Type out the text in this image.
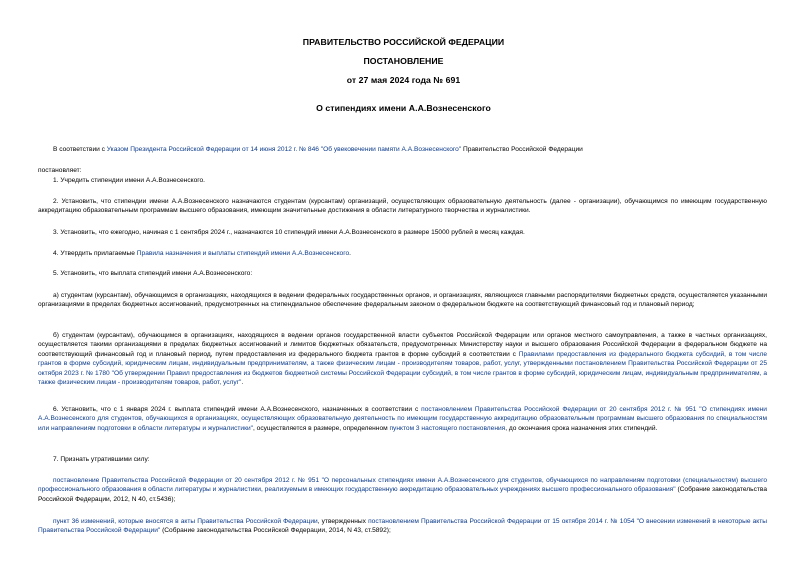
ПРАВИТЕЛЬСТВО РОССИЙСКОЙ ФЕДЕРАЦИИ
ПОСТАНОВЛЕНИЕ
от 27 мая 2024 года № 691
О стипендиях имени А.А.Вознесенского

В соответствии с Указом Президента Российской Федерации от 14 июня 2012 г. № 846 "Об увековечении памяти А.А.Вознесенского" Правительство Российской Федерации

постановляет:

1. Учредить стипендии имени А.А.Вознесенского.

2. Установить, что стипендии имени А.А.Вознесенского назначаются студентам (курсантам) организаций, осуществляющих образовательную деятельность (далее - организации), обучающимся по имеющим государственную аккредитацию образовательным программам высшего образования, имеющим значительные достижения в области литературного творчества и журналистики.

3. Установить, что ежегодно, начиная с 1 сентября 2024 г., назначаются 10 стипендий имени А.А.Вознесенского в размере 15000 рублей в месяц каждая.

4. Утвердить прилагаемые Правила назначения и выплаты стипендий имени А.А.Вознесенского.

5. Установить, что выплата стипендий имени А.А.Вознесенского:

а) студентам (курсантам), обучающимся в организациях, находящихся в ведении федеральных государственных органов, и организациях, являющихся главными распорядителями бюджетных средств, осуществляется указанными организациями в пределах бюджетных ассигнований, предусмотренных на стипендиальное обеспечение федеральным законом о федеральном бюджете на соответствующий финансовый год и плановый период;

б) студентам (курсантам), обучающимся в организациях, находящихся в ведении органов государственной власти субъектов Российской Федерации или органов местного самоуправления, а также в частных организациях, осуществляется такими организациями в пределах бюджетных ассигнований и лимитов бюджетных обязательств, предусмотренных Министерству науки и высшего образования Российской Федерации в федеральном бюджете на соответствующий финансовый год и плановый период, путем предоставления из федерального бюджета грантов в форме субсидий в соответствии с Правилами предоставления из федерального бюджета субсидий, в том числе грантов в форме субсидий, юридическим лицам, индивидуальным предпринимателям, а также физическим лицам - производителям товаров, работ, услуг, утвержденными постановлением Правительства Российской Федерации от 25 октября 2023 г. № 1780 "Об утверждении Правил предоставления из бюджетов бюджетной системы Российской Федерации субсидий, в том числе грантов в форме субсидий, юридическим лицам, индивидуальным предпринимателям, а также физическим лицам - производителям товаров, работ, услуг".

6. Установить, что с 1 января 2024 г. выплата стипендий имени А.А.Вознесенского, назначенных в соответствии с постановлением Правительства Российской Федерации от 20 сентября 2012 г. № 951 "О стипендиях имени А.А.Вознесенского для студентов, обучающихся в организациях, осуществляющих образовательную деятельность по имеющим государственную аккредитацию образовательным программам высшего образования по специальностям или направлениям подготовки в области литературы и журналистики", осуществляется в размере, определенном пунктом 3 настоящего постановления, до окончания срока назначения этих стипендий.

7. Признать утратившими силу:

постановление Правительства Российской Федерации от 20 сентября 2012 г. № 951 "О персональных стипендиях имени А.А.Вознесенского для студентов, обучающихся по направлениям подготовки (специальностям) высшего профессионального образования в области литературы и журналистики, реализуемым в имеющих государственную аккредитацию образовательных учреждениях высшего профессионального образования" (Собрание законодательства Российской Федерации, 2012, N 40, ст.5436);

пункт 36 изменений, которые вносятся в акты Правительства Российской Федерации, утвержденных постановлением Правительства Российской Федерации от 15 октября 2014 г. № 1054 "О внесении изменений в некоторые акты Правительства Российской Федерации" (Собрание законодательства Российской Федерации, 2014, N 43, ст.5892);
